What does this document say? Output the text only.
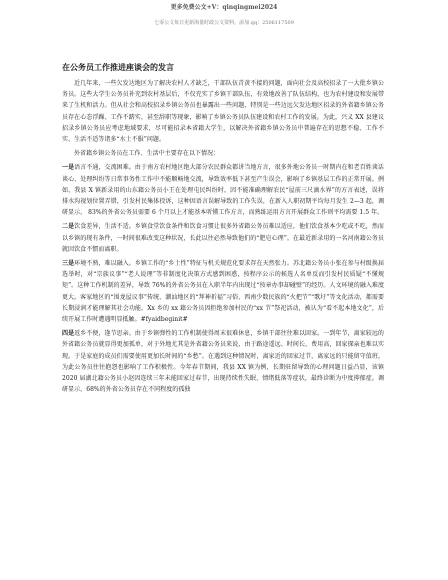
更多免费公文+V：qinqingmei2024
七零公文每日更新海量时政公文资料，添加 qq：2506117509
在公务员工作推进座谈会的发言

近几年来，一些欠发达地区为了解决农村人才缺乏，干部队伍青黄不接的问题，面向社会及高校招录了一大批乡镇公务员。这些大学生公务员补充到农村基层后，不仅充实了乡镇干部队伍，有效地改善了队伍结构，也为农村建设和发展带来了生机和活力。但从社会和高校招录乡镇公务员也暴露出一些问题，特别是一些边远欠发达地区招录的外省籍乡镇公务员存在心态浮躁、工作不踏实，甚至辞职等现象，影响了乡镇公务员队伍建设和农村工作的发展。为此，兴义 XX 县建议招录乡镇公务员应考虑地域要求，尽可能招录本省籍大学生，以解决外省籍乡镇公务员中普遍存在的思想不稳、工作不实、生活不适等诸多“水土不服”问题。

外省籍乡镇公务员在工作、生活中主要存在以下情况：

一是语言不通，交流困难。由于南方农村地区绝大部分农民群众都讲当地方言，很多外地公务员一时期内在和老百姓谈话谈心、处理纠纷等日常事务性工作中不能顺畅地交流，导致效率低下甚至产生误会，影响了乡镇基层工作的正常开展。例如，我县 X 镇新录用的山东籍公务员小王在处理屯民纠纷时，因不能准确理解农民“屋前三尺滴水界”的方言表述，误将排水沟视划位置弄错，引发村民集体投诉，这种因语言误解导致的工作失误，在新入人职初期平均每月发生 2—3 起，调研显示， 83%的外省公务员需要 6 个月以上才能基本听懂工作方言，而熟练运用方言开展群众工作则平均需要 1.5 年。

二是饮食差异，生活不适。乡镇食堂饮食条件和饮食习惯让很多外省籍公务员难以适应，他们饮食基本少吃或不吃，然而以乡镇的现有条件，一时间很难改变这种状况，长此以往必然导致他们的“肥皂心理”。在最近新录用的一名河南籍公务员就因饮食不惯而离职。

三是环境不熟，难以融入。乡镇工作的“乡土性”特征与机关规范化要求存在天然张力。苏北籍公务员小张在参与村级换届选举时，对“宗族议事”“老人说理”等非制度化决策方式感到困惑，按程序公示的候选人名单反而引发村民质疑“不懂规矩”。这种工作机制的差异，导致 76%的外省公务员在入职半年内出现过“按章办事却碰壁”的经历。人文环境的融入难度更大。客家地区的“围龙屋议事”传统、潮汕地区的“拜神祈福”习俗、西南少数民族的“火把节”“歌圩”等文化活动，都需要长期浸润才能理解其社会功能。Xx 乡的 xx 籍公务员因拒绝参加村民的“xx 节”祭祀活动，被认为“看不起本地文化”，后续开展工作时遭遇明显抵触。#fyaidbeginit#

四是返乡不便，逢节思亲。由于乡镇弹性的工作机制使得周末很难休息，乡镇干部往往难以回家。一到年节，离家较远的外省籍公务员就显得更加孤单，对于外地尤其是外省籍公务员来说，由于路途遥远、时间长、费用高，回家探亲也难以实现。于是家庭的成员们需要使用更加长时间的“乡愁”。在遇到这种情况时，离家近的回家过节，离家远的只能留守值班，为此公务员往往抱怨也影响了工作积极性。今年春节期间，我县 XX 镇为例，长期驻留导致的心理问题日益凸显，该镇 2020 届湖北籍公务员小赵因连续三年未能回家过春节，出现持续性失眠、情绪低落等症状，最终诊断为中度抑郁症。调研显示，68%的外省公务员存在不同程度的孤独
